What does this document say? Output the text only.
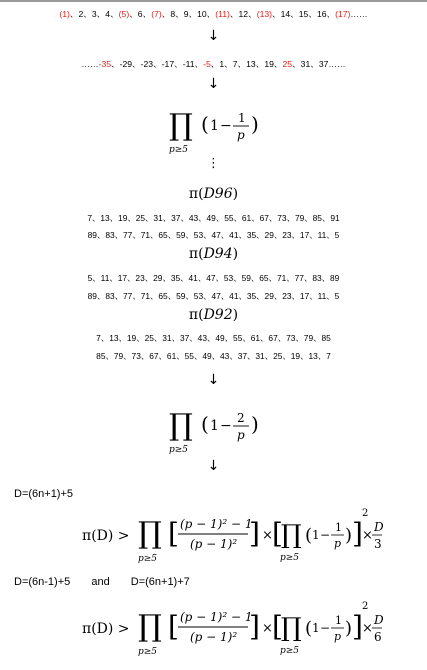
(1)、2、3、4、(5)、6、(7)、8、9、10、(11)、12、(13)、14、15、16、(17)……
↓
……-35、-29、-23、-17、-11、-5、1、7、13、19、25、31、37……
↓
∏
p≥5
( 1 − 1
p )
⋮
π(D96)
7、13、19、25、31、37、43、49、55、61、67、73、79、85、91
89、83、77、71、65、59、53、47、41、35、29、23、17、11、5
π(D94)
5、11、17、23、29、35、41、47、53、59、65、71、77、83、89
89、83、77、71、65、59、53、47、41、35、29、23、17、11、5
π(D92)
7、13、19、25、31、37、43、49、55、61、67、73、79、85
85、79、73、67、61、55、49、43、37、31、25、19、13、7
↓
∏
p≥5
( 1 − 2
p )
↓
D=(6n+1)+5
π(D) > ∏
p≥5
[ (p − 1)² − 1
(p − 1)² ] × [
∏
p≥5
( 1 −
1
p ) ]
2
×
D
3
D=(6n-1)+5 and D=(6n+1)+7
π(D) > ∏
p≥5
[ (p − 1)² − 1
(p − 1)² ] × [
∏
p≥5
( 1 −
1
p ) ]
2
×
D
6
